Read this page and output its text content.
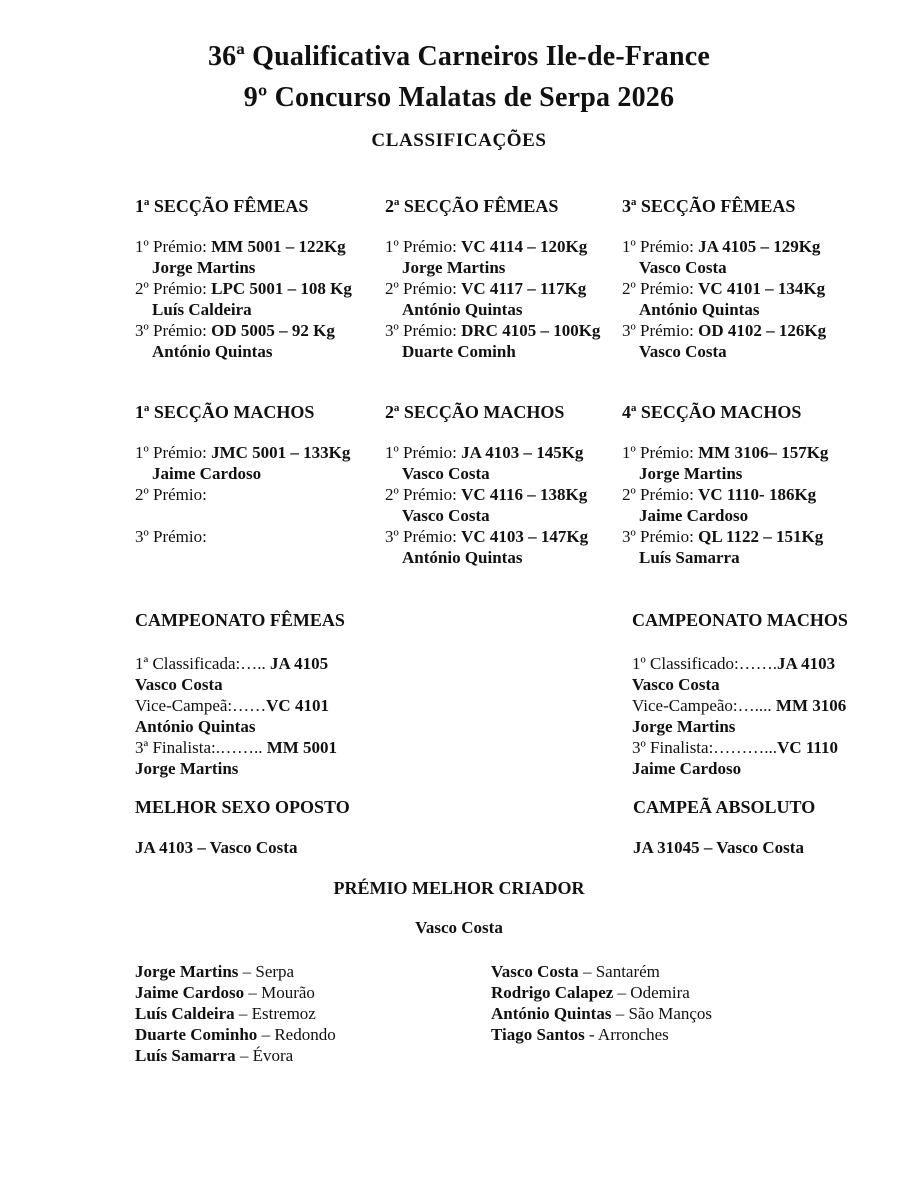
36ª Qualificativa Carneiros Ile-de-France
9º Concurso Malatas de Serpa 2026
CLASSIFICAÇÕES
1ª SECÇÃO FÊMEAS
1º Prémio: MM 5001 – 122Kg
Jorge Martins
2º Prémio: LPC 5001 – 108 Kg
Luís Caldeira
3º Prémio: OD 5005 – 92 Kg
António Quintas
2ª SECÇÃO FÊMEAS
1º Prémio: VC 4114 – 120Kg
Jorge Martins
2º Prémio: VC 4117 – 117Kg
António Quintas
3º Prémio: DRC 4105 – 100Kg
Duarte Cominh
3ª SECÇÃO FÊMEAS
1º Prémio: JA 4105 – 129Kg
Vasco Costa
2º Prémio: VC 4101 – 134Kg
António Quintas
3º Prémio: OD 4102 – 126Kg
Vasco Costa
1ª SECÇÃO MACHOS
1º Prémio: JMC 5001 – 133Kg
Jaime Cardoso
2º Prémio:
3º Prémio:
2ª SECÇÃO MACHOS
1º Prémio: JA 4103 – 145Kg
Vasco Costa
2º Prémio: VC 4116 – 138Kg
Vasco Costa
3º Prémio: VC 4103 – 147Kg
António Quintas
4ª SECÇÃO MACHOS
1º Prémio: MM 3106– 157Kg
Jorge Martins
2º Prémio: VC 1110- 186Kg
Jaime Cardoso
3º Prémio: QL 1122 – 151Kg
Luís Samarra
CAMPEONATO FÊMEAS
1ª Classificada:….. JA 4105
Vasco Costa
Vice-Campeã:……VC 4101
António Quintas
3ª Finalista:.…….. MM 5001
Jorge Martins
CAMPEONATO MACHOS
1º Classificado:…….JA 4103
Vasco Costa
Vice-Campeão:….... MM 3106
Jorge Martins
3º Finalista:………...VC 1110
Jaime Cardoso
MELHOR SEXO OPOSTO
JA 4103 – Vasco Costa
CAMPEÃ ABSOLUTO
JA 31045 – Vasco Costa
PRÉMIO MELHOR CRIADOR
Vasco Costa
Jorge Martins – Serpa
Jaime Cardoso – Mourão
Luís Caldeira – Estremoz
Duarte Cominho – Redondo
Luís Samarra – Évora
Vasco Costa – Santarém
Rodrigo Calapez – Odemira
António Quintas – São Manços
Tiago Santos - Arronches
